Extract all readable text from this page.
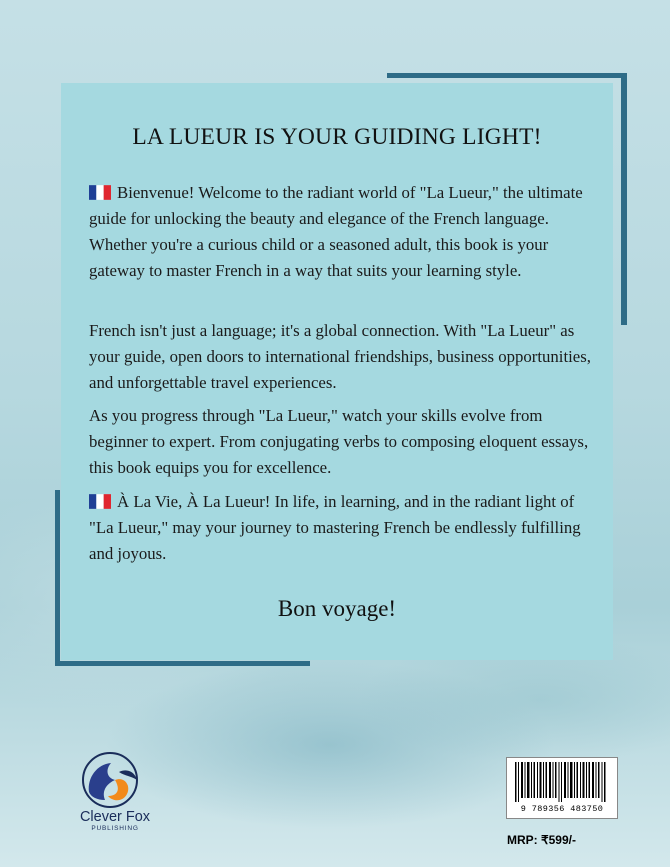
LA LUEUR IS YOUR GUIDING LIGHT!
Bienvenue! Welcome to the radiant world of "La Lueur," the ultimate guide for unlocking the beauty and elegance of the French language. Whether you're a curious child or a seasoned adult, this book is your gateway to master French in a way that suits your learning style.
French isn't just a language; it's a global connection. With "La Lueur" as your guide, open doors to international friendships, business opportunities, and unforgettable travel experiences.
As you progress through "La Lueur," watch your skills evolve from beginner to expert. From conjugating verbs to composing eloquent essays, this book equips you for excellence.
À La Vie, À La Lueur! In life, in learning, and in the radiant light of "La Lueur," may your journey to mastering French be endlessly fulfilling and joyous.
Bon voyage!
Clever Fox
PUBLISHING
9 789356 483750
MRP: ₹599/-
